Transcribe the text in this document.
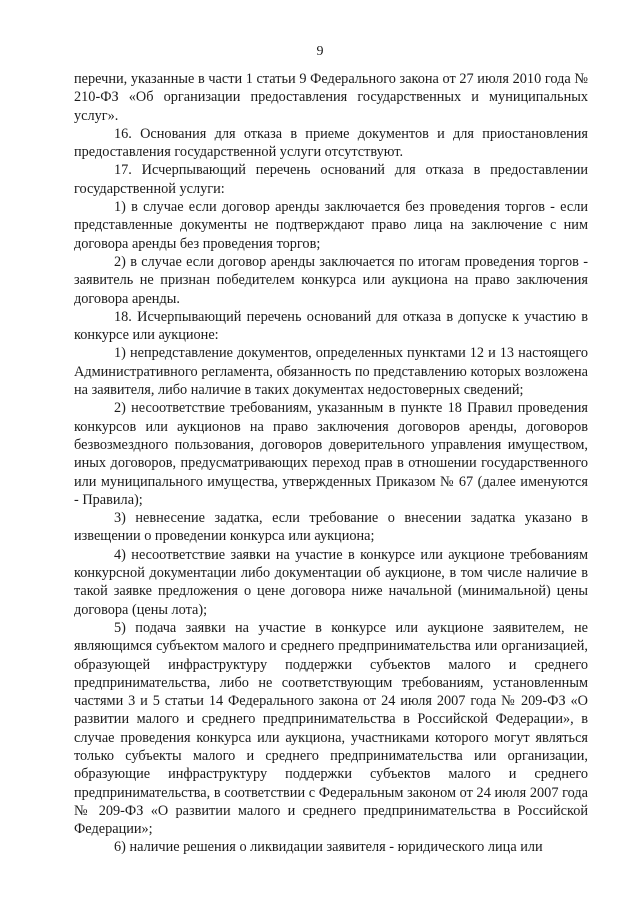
9

перечни, указанные в части 1 статьи 9 Федерального закона от 27 июля 2010 года № 210-ФЗ «Об организации предоставления государственных и муниципальных услуг».

16. Основания для отказа в приеме документов и для приостановления предоставления государственной услуги отсутствуют.

17. Исчерпывающий перечень оснований для отказа в предоставлении государственной услуги:

1) в случае если договор аренды заключается без проведения торгов - если представленные документы не подтверждают право лица на заключение с ним договора аренды без проведения торгов;

2) в случае если договор аренды заключается по итогам проведения торгов - заявитель не признан победителем конкурса или аукциона на право заключения договора аренды.

18. Исчерпывающий перечень оснований для отказа в допуске к участию в конкурсе или аукционе:

1) непредставление документов, определенных пунктами 12 и 13 настоящего Административного регламента, обязанность по представлению которых возложена на заявителя, либо наличие в таких документах недостоверных сведений;

2) несоответствие требованиям, указанным в пункте 18 Правил проведения конкурсов или аукционов на право заключения договоров аренды, договоров безвозмездного пользования, договоров доверительного управления имуществом, иных договоров, предусматривающих переход прав в отношении государственного или муниципального имущества, утвержденных Приказом № 67 (далее именуются - Правила);

3) невнесение задатка, если требование о внесении задатка указано в извещении о проведении конкурса или аукциона;

4) несоответствие заявки на участие в конкурсе или аукционе требованиям конкурсной документации либо документации об аукционе, в том числе наличие в такой заявке предложения о цене договора ниже начальной (минимальной) цены договора (цены лота);

5) подача заявки на участие в конкурсе или аукционе заявителем, не являющимся субъектом малого и среднего предпринимательства или организацией, образующей инфраструктуру поддержки субъектов малого и среднего предпринимательства, либо не соответствующим требованиям, установленным частями 3 и 5 статьи 14 Федерального закона от 24 июля 2007 года № 209-ФЗ «О развитии малого и среднего предпринимательства в Российской Федерации», в случае проведения конкурса или аукциона, участниками которого могут являться только субъекты малого и среднего предпринимательства или организации, образующие инфраструктуру поддержки субъектов малого и среднего предпринимательства, в соответствии с Федеральным законом от 24 июля 2007 года № 209-ФЗ «О развитии малого и среднего предпринимательства в Российской Федерации»;

6) наличие решения о ликвидации заявителя - юридического лица или
